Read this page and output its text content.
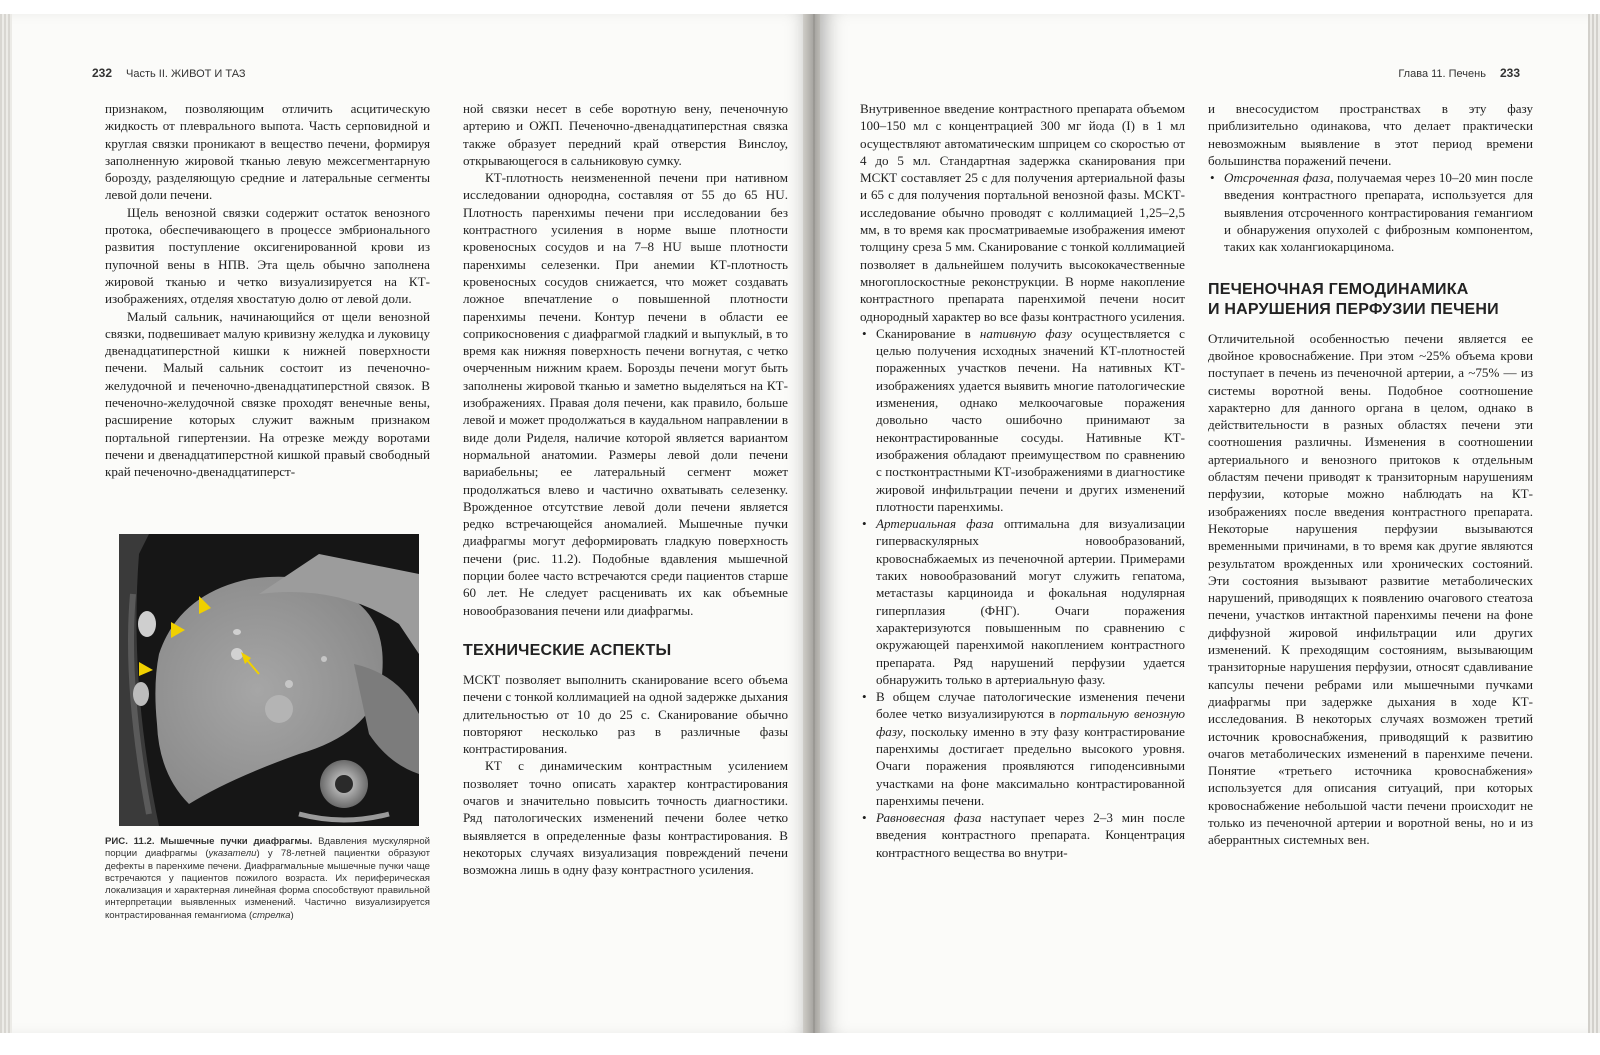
232 Часть II. ЖИВОТ И ТАЗ

признаком, позволяющим отличить асцитическую жидкость от плеврального выпота. Часть серповидной и круглая связки проникают в вещество печени, формируя заполненную жировой тканью левую межсегментарную борозду, разделяющую средние и латеральные сегменты левой доли печени.

Щель венозной связки содержит остаток венозного протока, обеспечивающего в процессе эмбрионального развития поступление оксигенированной крови из пупочной вены в НПВ. Эта щель обычно заполнена жировой тканью и четко визуализируется на КТ-изображениях, отделяя хвостатую долю от левой доли.

Малый сальник, начинающийся от щели венозной связки, подвешивает малую кривизну желудка и луковицу двенадцатиперстной кишки к нижней поверхности печени. Малый сальник состоит из печеночно-желудочной и печеночно-двенадцатиперстной связок. В печеночно-желудочной связке проходят венечные вены, расширение которых служит важным признаком портальной гипертензии. На отрезке между воротами печени и двенадцатиперстной кишкой правый свободный край печеночно-двенадцатиперст-

РИС. 11.2. Мышечные пучки диафрагмы. Вдавления мускулярной порции диафрагмы (указатели) у 78-летней пациентки образуют дефекты в паренхиме печени. Диафрагмальные мышечные пучки чаще встречаются у пациентов пожилого возраста. Их периферическая локализация и характерная линейная форма способствуют правильной интерпретации выявленных изменений. Частично визуализируется контрастированная гемангиома (стрелка)

ной связки несет в себе воротную вену, печеночную артерию и ОЖП. Печеночно-двенадцатиперстная связка также образует передний край отверстия Винслоу, открывающегося в сальниковую сумку.

КТ-плотность неизмененной печени при нативном исследовании однородна, составляя от 55 до 65 HU. Плотность паренхимы печени при исследовании без контрастного усиления в норме выше плотности кровеносных сосудов и на 7–8 HU выше плотности паренхимы селезенки. При анемии КТ-плотность кровеносных сосудов снижается, что может создавать ложное впечатление о повышенной плотности паренхимы печени. Контур печени в области ее соприкосновения с диафрагмой гладкий и выпуклый, в то время как нижняя поверхность печени вогнутая, с четко очерченным нижним краем. Борозды печени могут быть заполнены жировой тканью и заметно выделяться на КТ-изображениях. Правая доля печени, как правило, больше левой и может продолжаться в каудальном направлении в виде доли Риделя, наличие которой является вариантом нормальной анатомии. Размеры левой доли печени вариабельны; ее латеральный сегмент может продолжаться влево и частично охватывать селезенку. Врожденное отсутствие левой доли печени является редко встречающейся аномалией. Мышечные пучки диафрагмы могут деформировать гладкую поверхность печени (рис. 11.2). Подобные вдавления мышечной порции более часто встречаются среди пациентов старше 60 лет. Не следует расценивать их как объемные новообразования печени или диафрагмы.

ТЕХНИЧЕСКИЕ АСПЕКТЫ

МСКТ позволяет выполнить сканирование всего объема печени с тонкой коллимацией на одной задержке дыхания длительностью от 10 до 25 с. Сканирование обычно повторяют несколько раз в различные фазы контрастирования.

КТ с динамическим контрастным усилением позволяет точно описать характер контрастирования очагов и значительно повысить точность диагностики. Ряд патологических изменений печени более четко выявляется в определенные фазы контрастирования. В некоторых случаях визуализация повреждений печени возможна лишь в одну фазу контрастного усиления.

Глава 11. Печень 233

Внутривенное введение контрастного препарата объемом 100–150 мл с концентрацией 300 мг йода (I) в 1 мл осуществляют автоматическим шприцем со скоростью от 4 до 5 мл. Стандартная задержка сканирования при МСКТ составляет 25 с для получения артериальной фазы и 65 с для получения портальной венозной фазы. МСКТ-исследование обычно проводят с коллимацией 1,25–2,5 мм, в то время как просматриваемые изображения имеют толщину среза 5 мм. Сканирование с тонкой коллимацией позволяет в дальнейшем получить высококачественные многоплоскостные реконструкции. В норме накопление контрастного препарата паренхимой печени носит однородный характер во все фазы контрастного усиления.

• Сканирование в нативную фазу осуществляется с целью получения исходных значений КТ-плотностей пораженных участков печени. На нативных КТ-изображениях удается выявить многие патологические изменения, однако мелкоочаговые поражения довольно часто ошибочно принимают за неконтрастированные сосуды. Нативные КТ-изображения обладают преимуществом по сравнению с постконтрастными КТ-изображениями в диагностике жировой инфильтрации печени и других изменений плотности паренхимы.
• Артериальная фаза оптимальна для визуализации гиперваскулярных новообразований, кровоснабжаемых из печеночной артерии. Примерами таких новообразований могут служить гепатома, метастазы карциноида и фокальная нодулярная гиперплазия (ФНГ). Очаги поражения характеризуются повышенным по сравнению с окружающей паренхимой накоплением контрастного препарата. Ряд нарушений перфузии удается обнаружить только в артериальную фазу.
• В общем случае патологические изменения печени более четко визуализируются в портальную венозную фазу, поскольку именно в эту фазу контрастирование паренхимы достигает предельно высокого уровня. Очаги поражения проявляются гиподенсивными участками на фоне максимально контрастированной паренхимы печени.
• Равновесная фаза наступает через 2–3 мин после введения контрастного препарата. Концентрация контрастного вещества во внутри-

и внесосудистом пространствах в эту фазу приблизительно одинакова, что делает практически невозможным выявление в этот период времени большинства поражений печени.

• Отсроченная фаза, получаемая через 10–20 мин после введения контрастного препарата, используется для выявления отсроченного контрастирования гемангиом и обнаружения опухолей с фиброзным компонентом, таких как холангиокарцинома.
ПЕЧЕНОЧНАЯ ГЕМОДИНАМИКА
И НАРУШЕНИЯ ПЕРФУЗИИ ПЕЧЕНИ

Отличительной особенностью печени является ее двойное кровоснабжение. При этом ~25% объема крови поступает в печень из печеночной артерии, а ~75% — из системы воротной вены. Подобное соотношение характерно для данного органа в целом, однако в действительности в разных областях печени эти соотношения различны. Изменения в соотношении артериального и венозного притоков к отдельным областям печени приводят к транзиторным нарушениям перфузии, которые можно наблюдать на КТ-изображениях после введения контрастного препарата. Некоторые нарушения перфузии вызываются временными причинами, в то время как другие являются результатом врожденных или хронических состояний. Эти состояния вызывают развитие метаболических нарушений, приводящих к появлению очагового стеатоза печени, участков интактной паренхимы печени на фоне диффузной жировой инфильтрации или других изменений. К преходящим состояниям, вызывающим транзиторные нарушения перфузии, относят сдавливание капсулы печени ребрами или мышечными пучками диафрагмы при задержке дыхания в ходе КТ-исследования. В некоторых случаях возможен третий источник кровоснабжения, приводящий к развитию очагов метаболических изменений в паренхиме печени. Понятие «третьего источника кровоснабжения» используется для описания ситуаций, при которых кровоснабжение небольшой части печени происходит не только из печеночной артерии и воротной вены, но и из аберрантных системных вен.
